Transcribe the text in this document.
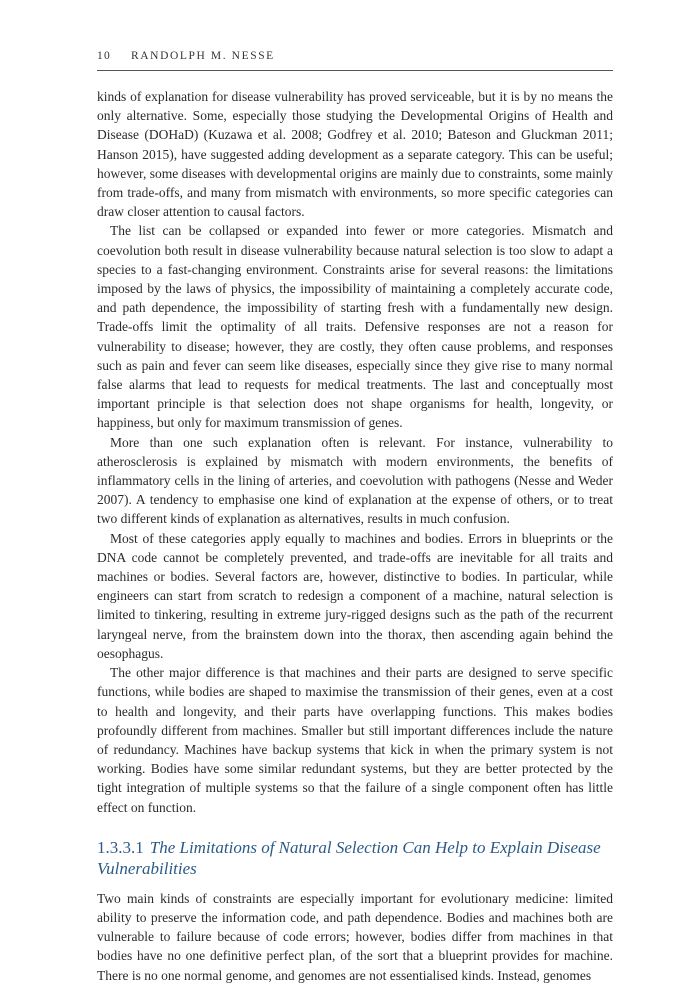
10 RANDOLPH M. NESSE

kinds of explanation for disease vulnerability has proved serviceable, but it is by no means the only alternative. Some, especially those studying the Developmental Origins of Health and Disease (DOHaD) (Kuzawa et al. 2008; Godfrey et al. 2010; Bateson and Gluckman 2011; Hanson 2015), have suggested adding development as a separate category. This can be useful; however, some diseases with developmental origins are mainly due to constraints, some mainly from trade-offs, and many from mismatch with environments, so more specific categories can draw closer attention to causal factors.

The list can be collapsed or expanded into fewer or more categories. Mismatch and coevolution both result in disease vulnerability because natural selection is too slow to adapt a species to a fast-changing environment. Constraints arise for several reasons: the limitations imposed by the laws of physics, the impossibility of maintaining a completely accurate code, and path dependence, the impossibility of starting fresh with a fundamentally new design. Trade-offs limit the optimality of all traits. Defensive responses are not a reason for vulnerability to disease; however, they are costly, they often cause problems, and responses such as pain and fever can seem like diseases, especially since they give rise to many normal false alarms that lead to requests for medical treatments. The last and conceptually most important principle is that selection does not shape organisms for health, longevity, or happiness, but only for maximum transmission of genes.

More than one such explanation often is relevant. For instance, vulnerability to atherosclerosis is explained by mismatch with modern environments, the benefits of inflammatory cells in the lining of arteries, and coevolution with pathogens (Nesse and Weder 2007). A tendency to emphasise one kind of explanation at the expense of others, or to treat two different kinds of explanation as alternatives, results in much confusion.

Most of these categories apply equally to machines and bodies. Errors in blueprints or the DNA code cannot be completely prevented, and trade-offs are inevitable for all traits and machines or bodies. Several factors are, however, distinctive to bodies. In particular, while engineers can start from scratch to redesign a component of a machine, natural selection is limited to tinkering, resulting in extreme jury-rigged designs such as the path of the recurrent laryngeal nerve, from the brainstem down into the thorax, then ascending again behind the oesophagus.

The other major difference is that machines and their parts are designed to serve specific functions, while bodies are shaped to maximise the transmission of their genes, even at a cost to health and longevity, and their parts have overlapping functions. This makes bodies profoundly different from machines. Smaller but still important differences include the nature of redundancy. Machines have backup systems that kick in when the primary system is not working. Bodies have some similar redundant systems, but they are better protected by the tight integration of multiple systems so that the failure of a single component often has little effect on function.

1.3.3.1 The Limitations of Natural Selection Can Help to Explain Disease Vulnerabilities

Two main kinds of constraints are especially important for evolutionary medicine: limited ability to preserve the information code, and path dependence. Bodies and machines both are vulnerable to failure because of code errors; however, bodies differ from machines in that bodies have no one definitive perfect plan, of the sort that a blueprint provides for machine. There is no one normal genome, and genomes are not essentialised kinds. Instead, genomes
